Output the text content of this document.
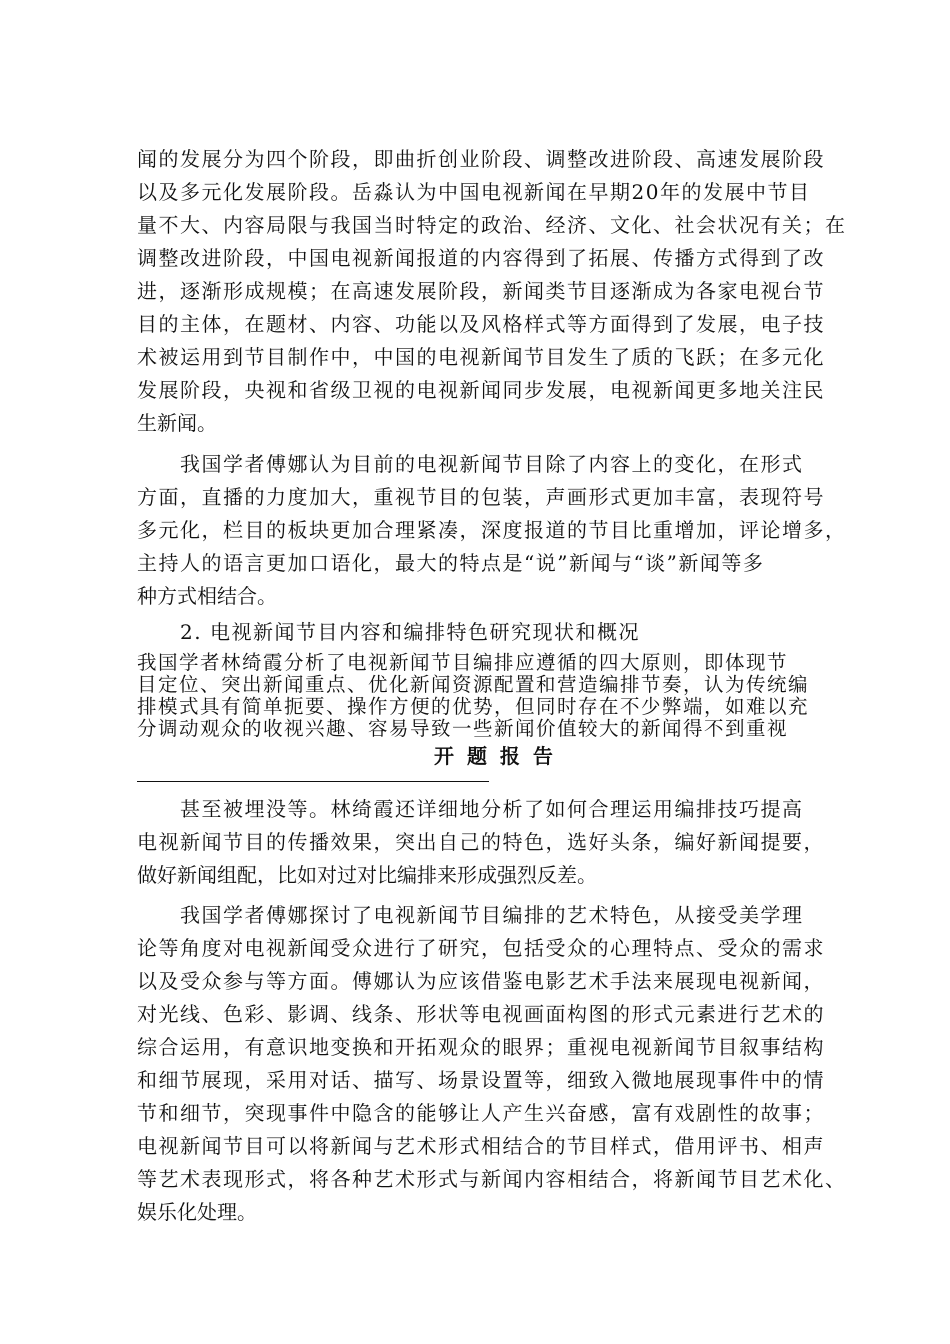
闻的发展分为四个阶段，即曲折创业阶段、调整改进阶段、高速发展阶段
以及多元化发展阶段。岳淼认为中国电视新闻在早期20年的发展中节目
量不大、内容局限与我国当时特定的政治、经济、文化、社会状况有关；在
调整改进阶段，中国电视新闻报道的内容得到了拓展、传播方式得到了改
进，逐渐形成规模；在高速发展阶段，新闻类节目逐渐成为各家电视台节
目的主体，在题材、内容、功能以及风格样式等方面得到了发展，电子技
术被运用到节目制作中，中国的电视新闻节目发生了质的飞跃；在多元化
发展阶段，央视和省级卫视的电视新闻同步发展，电视新闻更多地关注民
生新闻。
我国学者傅娜认为目前的电视新闻节目除了内容上的变化，在形式
方面，直播的力度加大，重视节目的包装，声画形式更加丰富，表现符号
多元化，栏目的板块更加合理紧凑，深度报道的节目比重增加，评论增多，
主持人的语言更加口语化，最大的特点是“说”新闻与“谈”新闻等多
种方式相结合。
2. 电视新闻节目内容和编排特色研究现状和概况
我国学者林绮霞分析了电视新闻节目编排应遵循的四大原则，即体现节
目定位、突出新闻重点、优化新闻资源配置和营造编排节奏，认为传统编
排模式具有简单扼要、操作方便的优势，但同时存在不少弊端，如难以充
分调动观众的收视兴趣、容易导致一些新闻价值较大的新闻得不到重视
开 题 报 告
甚至被埋没等。林绮霞还详细地分析了如何合理运用编排技巧提高
电视新闻节目的传播效果，突出自己的特色，选好头条，编好新闻提要，
做好新闻组配，比如对过对比编排来形成强烈反差。
我国学者傅娜探讨了电视新闻节目编排的艺术特色，从接受美学理
论等角度对电视新闻受众进行了研究，包括受众的心理特点、受众的需求
以及受众参与等方面。傅娜认为应该借鉴电影艺术手法来展现电视新闻，
对光线、色彩、影调、线条、形状等电视画面构图的形式元素进行艺术的
综合运用，有意识地变换和开拓观众的眼界；重视电视新闻节目叙事结构
和细节展现，采用对话、描写、场景设置等，细致入微地展现事件中的情
节和细节，突现事件中隐含的能够让人产生兴奋感，富有戏剧性的故事；
电视新闻节目可以将新闻与艺术形式相结合的节目样式，借用评书、相声
等艺术表现形式，将各种艺术形式与新闻内容相结合，将新闻节目艺术化、
娱乐化处理。
